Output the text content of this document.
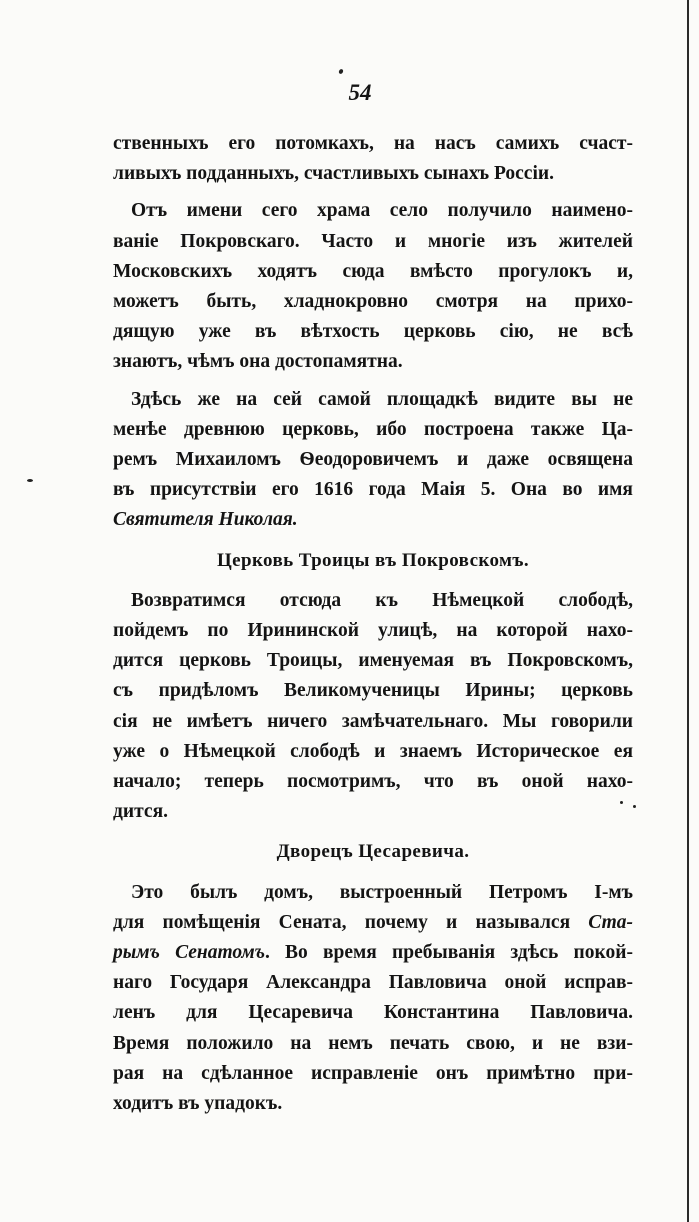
54
ственныхъ его потомкахъ, на насъ самихъ счаст-
ливыхъ подданныхъ, счастливыхъ сынахъ Россіи.
Отъ имени сего храма село получило наимено-
ваніе Покровскаго. Часто и многіе изъ жителей
Московскихъ ходятъ сюда вмѣсто прогулокъ и,
можетъ быть, хладнокровно смотря на прихо-
дящую уже въ вѣтхость церковь сію, не всѣ
знаютъ, чѣмъ она достопамятна.
Здѣсь же на сей самой площадкѣ видите вы не
менѣе древнюю церковь, ибо построена также Ца-
ремъ Михаиломъ Ѳеодоровичемъ и даже освящена
въ присутствіи его 1616 года Маія 5. Она во имя
Святителя Николая.
Церковь Троицы въ Покровскомъ.
Возвратимся отсюда къ Нѣмецкой слободѣ,
пойдемъ по Ирининской улицѣ, на которой нахо-
дится церковь Троицы, именуемая въ Покровскомъ,
съ придѣломъ Великомученицы Ирины; церковь
сія не имѣетъ ничего замѣчательнаго. Мы говорили
уже о Нѣмецкой слободѣ и знаемъ Историческое ея
начало; теперь посмотримъ, что въ оной нахо-
дится.
Дворецъ Цесаревича.
Это былъ домъ, выстроенный Петромъ I-мъ
для помѣщенія Сената, почему и назывался Ста-
рымъ Сенатомъ. Во время пребыванія здѣсь покой-
наго Государя Александра Павловича оной исправ-
ленъ для Цесаревича Константина Павловича.
Время положило на немъ печать свою, и не взи-
рая на сдѣланное исправленіе онъ примѣтно при-
ходитъ въ упадокъ.
